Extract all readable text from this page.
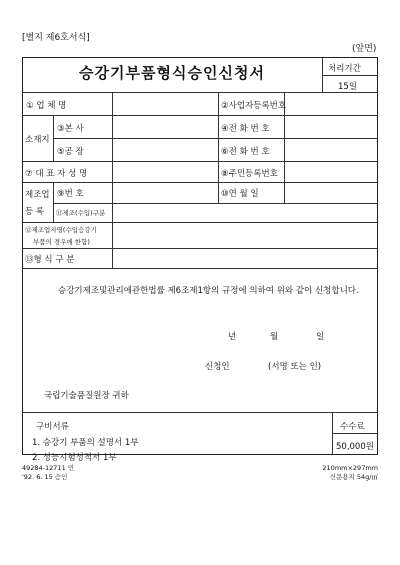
[별지 제6호서식]
(앞면)
승강기부품형식승인신청서	처리기간
15일
① 업 체 명	②사업자등록번호
소재지
③본 사	④전 화 번 호
⑤공 장	⑥전 화 번 호
⑦ 대 표 자 성 명	⑧주민등록번호
제조업 등 록
⑨번 호	⑩연 월 일
⑪제조(수입)구분
⑫제조업자명(수입승강기
부품의 경우에 한함)
⑬형 식 구 분
승강기제조및관리에관한법률 제6조제1항의 규정에 의하여 위와 같이 신청합니다.
년	월	일
신청인	(서명 또는 인)
국립기술품질원장 귀하
구비서류
1. 승강기 부품의 설명서 1부
2. 성능시험성적서 1부
수수료
50,000원
49284-12711 민
'92. 6. 15 승인
210mm×297mm
신문용지 54g/㎡
